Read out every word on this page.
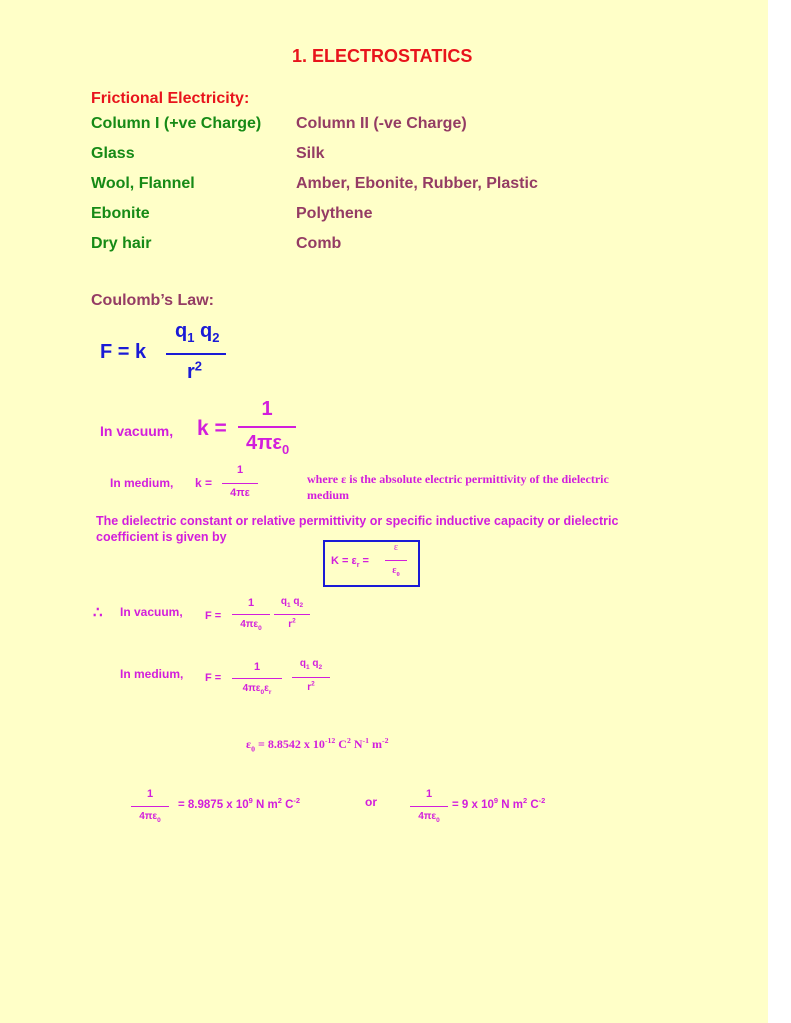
1. ELECTROSTATICS
Frictional Electricity:
Column I (+ve Charge) Column II (-ve Charge)
Glass	Silk
Wool, Flannel	Amber, Ebonite, Rubber, Plastic
Ebonite	Polythene
Dry hair	Comb
Coulomb’s Law:
F = k
$q_1$ $q_2$
$r^2$
In vacuum, k =
1
$4\pi\varepsilon_0$
In medium, k =
1
4πε
where ε is the absolute electric permittivity of the dielectric medium
The dielectric constant or relative permittivity or specific inductive capacity or dielectric coefficient is given by
$K = \varepsilon_r$ =
ε
$\varepsilon_0$
∴ In vacuum, F =
1
$4\pi\varepsilon_0$
$q_1$ $q_2$
$r^2$
In medium, F =
1
$4\pi\varepsilon_0\varepsilon_r$
$q_1$ $q_2$
$r^2$
$\varepsilon_0 = 8.8542$ x $10^{-12}$ $C^2$ $N^{-1}$ $m^{-2}$
1
$4\pi\varepsilon_0$
= 8.9875 x $10^9$ N $m^2$ $C^{-2}$	or
1
$4\pi\varepsilon_0$
= 9 x $10^9$ N $m^2$ $C^{-2}$
